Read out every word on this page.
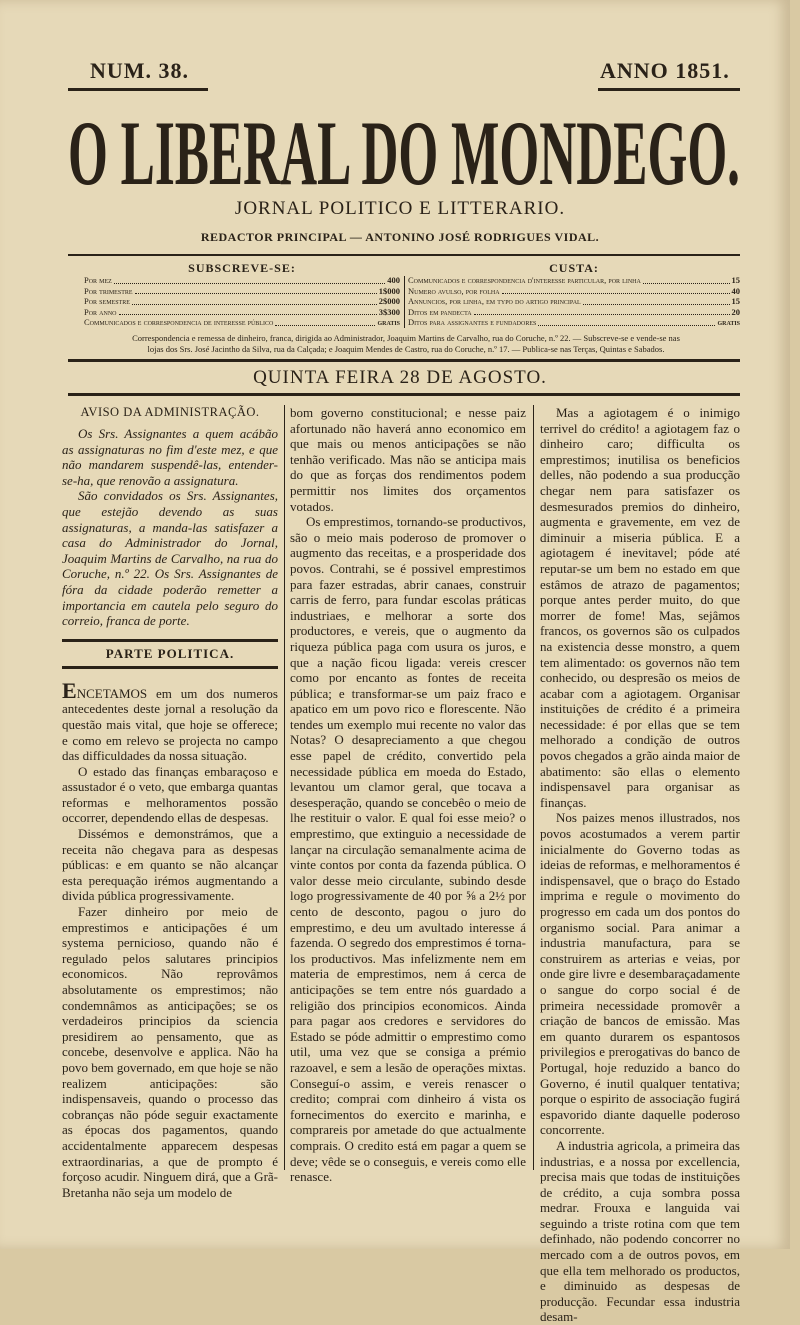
NUM. 38.	ANNO 1851.
O LIBERAL DO MONDEGO.
JORNAL POLITICO E LITTERARIO.
REDACTOR PRINCIPAL — ANTONINO JOSÉ RODRIGUES VIDAL.
SUBSCREVE-SE:
Por mez	400
Por trimestre	1$000
Por semestre	2$000
Por anno	3$300
Communicados e correspondencia de interesse público	gratis
CUSTA:
Communicados e correspondencia d'interesse particular, por linha	15
Numero avulso, por folha	40
Annuncios, por linha, em typo do artigo principal	15
Ditos em pandecta	20
Ditos para assignantes e fundadores	gratis
Correspondencia e remessa de dinheiro, franca, dirigida ao Administrador, Joaquim Martins de Carvalho, rua do Coruche, n.º 22. — Subscreve-se e vende-se nas
lojas dos Srs. José Jacintho da Silva, rua da Calçada; e Joaquim Mendes de Castro, rua do Coruche, n.º 17. — Publica-se nas Terças, Quintas e Sabados.
QUINTA FEIRA 28 DE AGOSTO.
AVISO DA ADMINISTRAÇÃO.

Os Srs. Assignantes a quem acábão as assignaturas no fim d'este mez, e que não mandarem suspendê-las, entender-se-ha, que renovão a assignatura.

São convidados os Srs. Assignantes, que estejão devendo as suas assignaturas, a manda-las satisfazer a casa do Administrador do Jornal, Joaquim Martins de Carvalho, na rua do Coruche, n.º 22. Os Srs. Assignantes de fóra da cidade poderão remetter a importancia em cautela pelo seguro do correio, franca de porte.

PARTE POLITICA.

ENCETAMOS em um dos numeros antecedentes deste jornal a resolução da questão mais vital, que hoje se offerece; e como em relevo se projecta no campo das difficuldades da nossa situação.

O estado das finanças embaraçoso e assustador é o veto, que embarga quantas reformas e melhoramentos possão occorrer, dependendo ellas de despesas.

Dissémos e demonstrámos, que a receita não chegava para as despesas públicas: e em quanto se não alcançar esta perequação irémos augmentando a divida pública progressivamente.

Fazer dinheiro por meio de emprestimos e anticipações é um systema pernicioso, quando não é regulado pelos salutares principios economicos. Não reprovâmos absolutamente os emprestimos; não condemnâmos as anticipações; se os verdadeiros principios da sciencia presidirem ao pensamento, que as concebe, desenvolve e applica. Não ha povo bem governado, em que hoje se não realizem anticipações: são indispensaveis, quando o processo das cobranças não póde seguir exactamente as épocas dos pagamentos, quando accidentalmente apparecem despesas extraordinarias, a que de prompto é forçoso acudir. Ninguem dirá, que a Grã-Bretanha não seja um modelo de

bom governo constitucional; e nesse paiz afortunado não haverá anno economico em que mais ou menos anticipações se não tenhão verificado. Mas não se anticipa mais do que as forças dos rendimentos podem permittir nos limites dos orçamentos votados.

Os emprestimos, tornando-se productivos, são o meio mais poderoso de promover o augmento das receitas, e a prosperidade dos povos. Contrahi, se é possivel emprestimos para fazer estradas, abrir canaes, construir carris de ferro, para fundar escolas práticas industriaes, e melhorar a sorte dos productores, e vereis, que o augmento da riqueza pública paga com usura os juros, e que a nação ficou ligada: vereis crescer como por encanto as fontes de receita pública; e transformar-se um paiz fraco e apatico em um povo rico e florescente. Não tendes um exemplo mui recente no valor das Notas? O desapreciamento a que chegou esse papel de crédito, convertido pela necessidade pública em moeda do Estado, levantou um clamor geral, que tocava a desesperação, quando se concebêo o meio de lhe restituir o valor. E qual foi esse meio? o emprestimo, que extinguio a necessidade de lançar na circulação semanalmente acima de vinte contos por conta da fazenda pública. O valor desse meio circulante, subindo desde logo progressivamente de 40 por ⅝ a 2½ por cento de desconto, pagou o juro do emprestimo, e deu um avultado interesse á fazenda. O segredo dos emprestimos é torna-los productivos. Mas infelizmente nem em materia de emprestimos, nem á cerca de anticipações se tem entre nós guardado a religião dos principios economicos. Ainda para pagar aos credores e servidores do Estado se póde admittir o emprestimo como util, uma vez que se consiga a prémio razoavel, e sem a lesão de operações mixtas. Conseguí-o assim, e vereis renascer o credito; comprai com dinheiro á vista os fornecimentos do exercito e marinha, e comprareis por ametade do que actualmente comprais. O credito está em pagar a quem se deve; vêde se o conseguis, e vereis como elle renasce.

Mas a agiotagem é o inimigo terrivel do crédito! a agiotagem faz o dinheiro caro; difficulta os emprestimos; inutilisa os beneficios delles, não podendo a sua producção chegar nem para satisfazer os desmesurados premios do dinheiro, augmenta e gravemente, em vez de diminuir a miseria pública. E a agiotagem é inevitavel; póde até reputar-se um bem no estado em que estâmos de atrazo de pagamentos; porque antes perder muito, do que morrer de fome! Mas, sejâmos francos, os governos são os culpados na existencia desse monstro, a quem tem alimentado: os governos não tem conhecido, ou despresão os meios de acabar com a agiotagem. Organisar instituições de crédito é a primeira necessidade: é por ellas que se tem melhorado a condição de outros povos chegados a grão ainda maior de abatimento: são ellas o elemento indispensavel para organisar as finanças.

Nos paizes menos illustrados, nos povos acostumados a verem partir inicialmente do Governo todas as ideias de reformas, e melhoramentos é indispensavel, que o braço do Estado imprima e regule o movimento do progresso em cada um dos pontos do organismo social. Para animar a industria manufactura, para se construirem as arterias e veias, por onde gire livre e desembaraçadamente o sangue do corpo social é de primeira necessidade promovêr a criação de bancos de emissão. Mas em quanto durarem os espantosos privilegios e prerogativas do banco de Portugal, hoje reduzido a banco do Governo, é inutil qualquer tentativa; porque o espirito de associação fugirá espavorido diante daquelle poderoso concorrente.

A industria agricola, a primeira das industrias, e a nossa por excellencia, precisa mais que todas de instituições de crédito, a cuja sombra possa medrar. Frouxa e languida vai seguindo a triste rotina com que tem definhado, não podendo concorrer no mercado com a de outros povos, em que ella tem melhorado os productos, e diminuido as despesas de producção. Fecundar essa industria desam-
